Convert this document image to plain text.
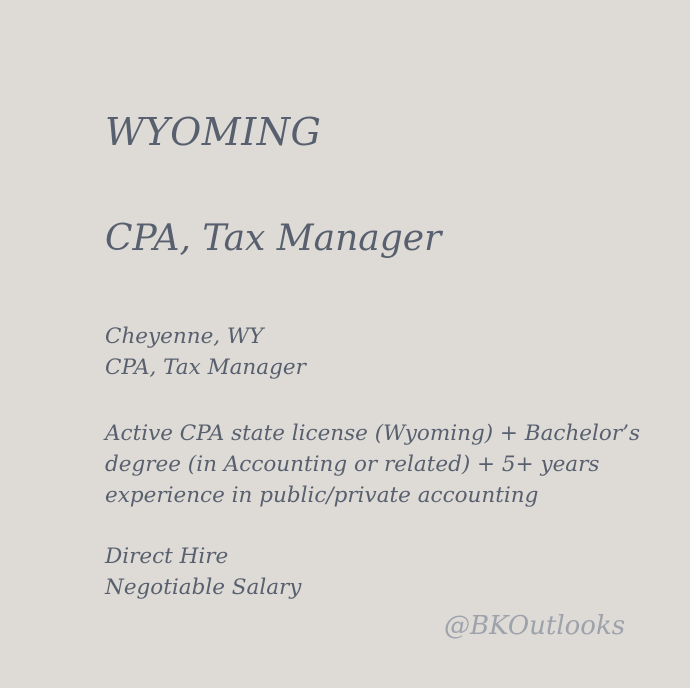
WYOMING
CPA, Tax Manager
Cheyenne, WY
CPA, Tax Manager
Active CPA state license (Wyoming) + Bachelor’s
degree (in Accounting or related) + 5+ years
experience in public/private accounting
Direct Hire
Negotiable Salary
@BKOutlooks
